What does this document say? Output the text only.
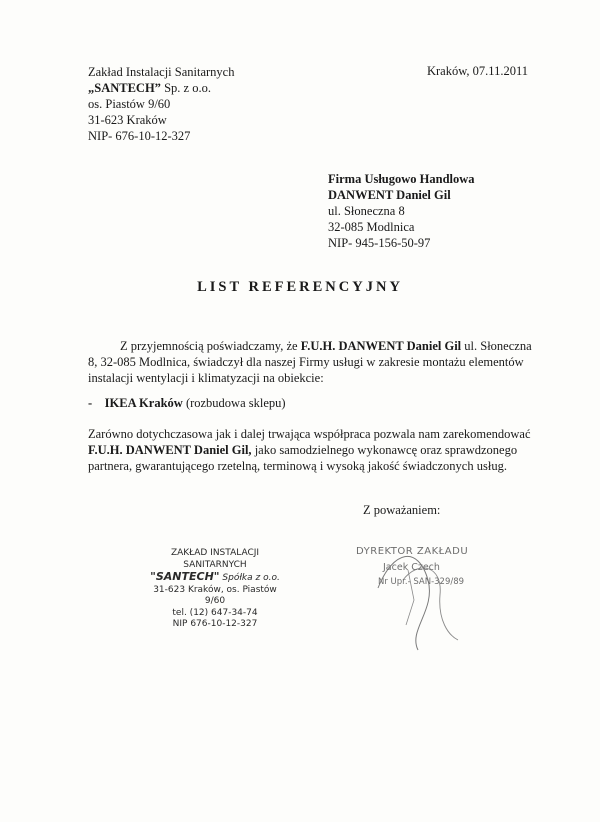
Zakład Instalacji Sanitarnych
„SANTECH” Sp. z o.o.
os. Piastów 9/60
31-623 Kraków
NIP- 676-10-12-327
Kraków, 07.11.2011
Firma Usługowo Handlowa
DANWENT Daniel Gil
ul. Słoneczna 8
32-085 Modlnica
NIP- 945-156-50-97
LIST REFERENCYJNY
Z przyjemnością poświadczamy, że F.U.H. DANWENT Daniel Gil ul. Słoneczna 8, 32-085 Modlnica, świadczył dla naszej Firmy usługi w zakresie montażu elementów instalacji wentylacji i klimatyzacji na obiekcie:
- IKEA Kraków (rozbudowa sklepu)
Zarówno dotychczasowa jak i dalej trwająca współpraca pozwala nam zarekomendować
F.U.H. DANWENT Daniel Gil, jako samodzielnego wykonawcę oraz sprawdzonego partnera, gwarantującego rzetelną, terminową i wysoką jakość świadczonych usług.
Z poważaniem:
ZAKŁAD INSTALACJI SANITARNYCH
"SANTECH" Spółka z o.o.
31-623 Kraków, os. Piastów 9/60
tel. (12) 647-34-74
NIP 676-10-12-327
DYREKTOR ZAKŁADU
Jacek Czech
Nr Upr.- SAN-329/89
